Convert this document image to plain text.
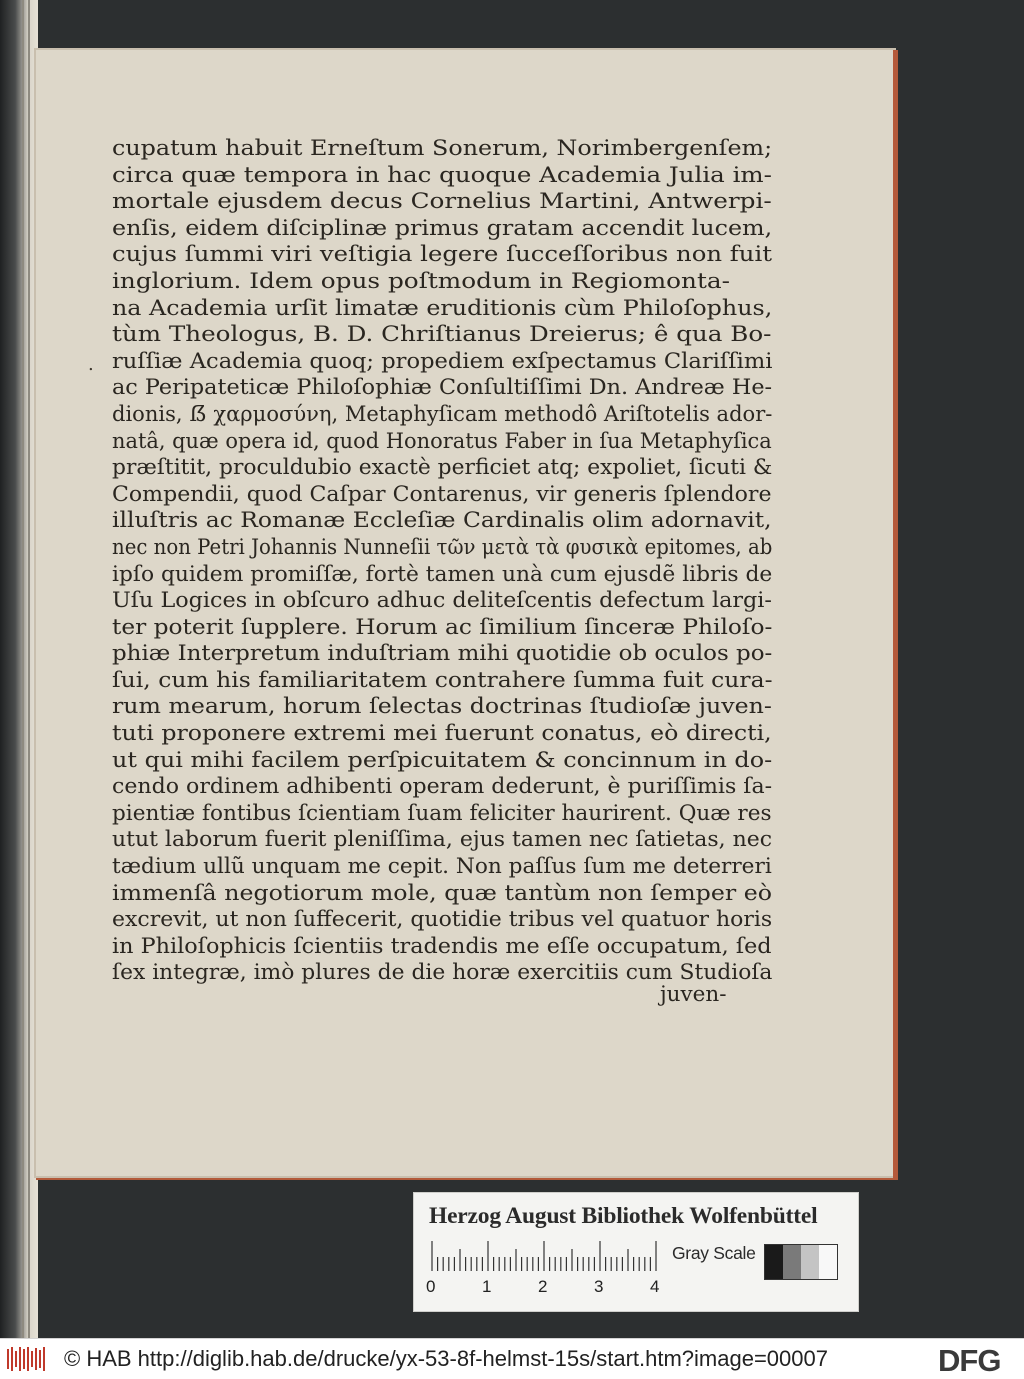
.
cupatum habuit Erneſtum Sonerum, Norimbergenſem;
circa quæ tempora in hac quoque Academia Julia im-
mortale ejusdem decus Cornelius Martini, Antwerpi-
enſis, eidem diſciplinæ primus gratam accendit lucem,
cujus ſummi viri veſtigia legere ſucceſſoribus non fuit
inglorium. Idem opus poſtmodum in Regiomonta-
na Academia urſit limatæ eruditionis cùm Philoſophus,
tùm Theologus, B. D. Chriſtianus Dreierus; ê qua Bo-
ruſſiæ Academia quoq; propediem exſpectamus Clariſſimi
ac Peripateticæ Philoſophiæ Conſultiſſimi Dn. Andreæ He-
dionis, ẞ χαρμοσύνη, Metaphyſicam methodô Ariſtotelis ador-
natâ, quæ opera id, quod Honoratus Faber in ſua Metaphyſica
præſtitit, proculdubio exactè perficiet atq; expoliet, ſicuti &
Compendii, quod Caſpar Contarenus, vir generis ſplendore
illuſtris ac Romanæ Eccleſiæ Cardinalis olim adornavit,
nec non Petri Johannis Nunneſii τῶν μετὰ τὰ φυσικὰ epitomes, ab
ipſo quidem promiſſæ, fortè tamen unà cum ejusdẽ libris de
Uſu Logices in obſcuro adhuc deliteſcentis defectum largi-
ter poterit ſupplere. Horum ac ſimilium ſinceræ Philoſo-
phiæ Interpretum induſtriam mihi quotidie ob oculos po-
ſui, cum his familiaritatem contrahere ſumma fuit cura-
rum mearum, horum ſelectas doctrinas ſtudioſæ juven-
tuti proponere extremi mei fuerunt conatus, eò directi,
ut qui mihi facilem perſpicuitatem & concinnum in do-
cendo ordinem adhibenti operam dederunt, è puriſſimis ſa-
pientiæ fontibus ſcientiam ſuam feliciter haurirent. Quæ res
utut laborum fuerit pleniſſima, ejus tamen nec ſatietas, nec
tædium ullũ unquam me cepit. Non paſſus ſum me deterreri
immenſâ negotiorum mole, quæ tantùm non ſemper eò
excrevit, ut non ſuffecerit, quotidie tribus vel quatuor horis
in Philoſophicis ſcientiis tradendis me eſſe occupatum, ſed
ſex integræ, imò plures de die horæ exercitiis cum Studioſa
juven-
Herzog August Bibliothek Wolfenbüttel
0	1	2	3	4
Gray Scale
© HAB http://diglib.hab.de/drucke/yx-53-8f-helmst-15s/start.htm?image=00007	DFG
